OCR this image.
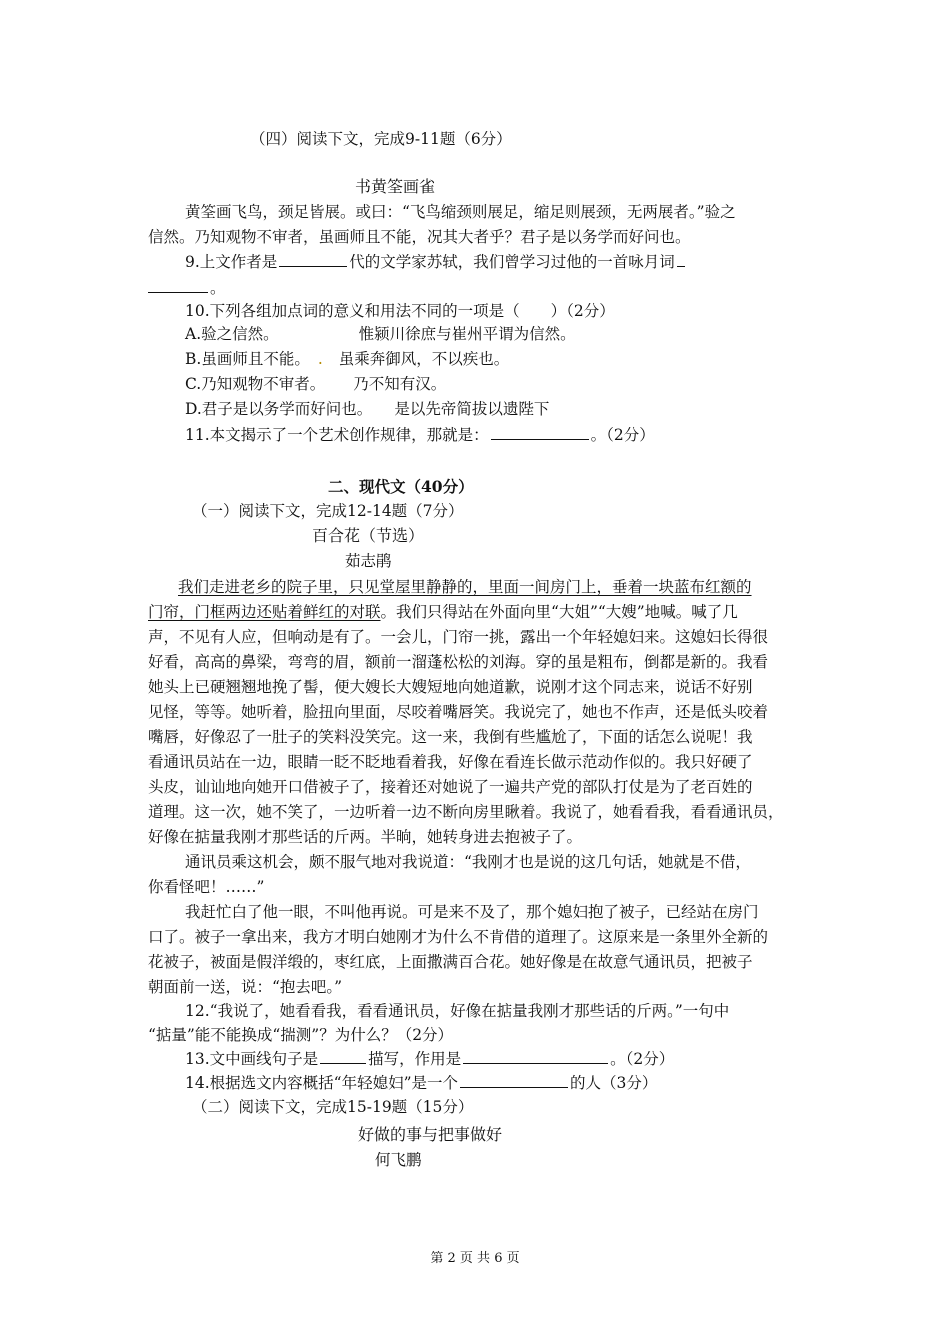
（四）阅读下文，完成9-11题（6分）

书黄筌画雀

黄筌画飞鸟，颈足皆展。或曰：“飞鸟缩颈则展足，缩足则展颈，无两展者。”验之

信然。乃知观物不审者，虽画师且不能，况其大者乎？君子是以务学而好问也。

9.上文作者是	代的文学家苏轼，我们曾学习过他的一首咏月词

。

10.下列各组加点词的意义和用法不同的一项是（　　）（2分）

A.验之信然。	惟颍川徐庶与崔州平谓为信然。

B.虽画师且不能。 . 虽乘奔御风，不以疾也。

C.乃知观物不审者。 乃不知有汉。

D.君子是以务学而好问也。 是以先帝简拔以遗陛下

11.本文揭示了一个艺术创作规律，那就是：	。（2分）

二、现代文（40分）

（一）阅读下文，完成12-14题（7分）

百合花（节选）

茹志鹃

我们走进老乡的院子里，只见堂屋里静静的，里面一间房门上，垂着一块蓝布红额的

门帘，门框两边还贴着鲜红的对联。我们只得站在外面向里“大姐”“大嫂”地喊。喊了几

声，不见有人应，但响动是有了。一会儿，门帘一挑，露出一个年轻媳妇来。这媳妇长得很

好看，高高的鼻梁，弯弯的眉，额前一溜蓬松松的刘海。穿的虽是粗布，倒都是新的。我看

她头上已硬翘翘地挽了髻，便大嫂长大嫂短地向她道歉，说刚才这个同志来，说话不好别

见怪，等等。她听着，脸扭向里面，尽咬着嘴唇笑。我说完了，她也不作声，还是低头咬着

嘴唇，好像忍了一肚子的笑料没笑完。这一来，我倒有些尴尬了，下面的话怎么说呢！我

看通讯员站在一边，眼睛一眨不眨地看着我，好像在看连长做示范动作似的。我只好硬了

头皮，讪讪地向她开口借被子了，接着还对她说了一遍共产党的部队打仗是为了老百姓的

道理。这一次，她不笑了，一边听着一边不断向房里瞅着。我说了，她看看我，看看通讯员，

好像在掂量我刚才那些话的斤两。半晌，她转身进去抱被子了。

通讯员乘这机会，颇不服气地对我说道：“我刚才也是说的这几句话，她就是不借，

你看怪吧！……”

我赶忙白了他一眼，不叫他再说。可是来不及了，那个媳妇抱了被子，已经站在房门

口了。被子一拿出来，我方才明白她刚才为什么不肯借的道理了。这原来是一条里外全新的

花被子，被面是假洋缎的，枣红底，上面撒满百合花。她好像是在故意气通讯员，把被子

朝面前一送，说：“抱去吧。”

12.“我说了，她看看我，看看通讯员，好像在掂量我刚才那些话的斤两。”一句中

“掂量”能不能换成“揣测”？为什么？（2分）

13.文中画线句子是	描写，作用是	。（2分）

14.根据选文内容概括“年轻媳妇”是一个	的人（3分）

（二）阅读下文，完成15-19题（15分）

好做的事与把事做好

何飞鹏

第 2 页 共 6 页
